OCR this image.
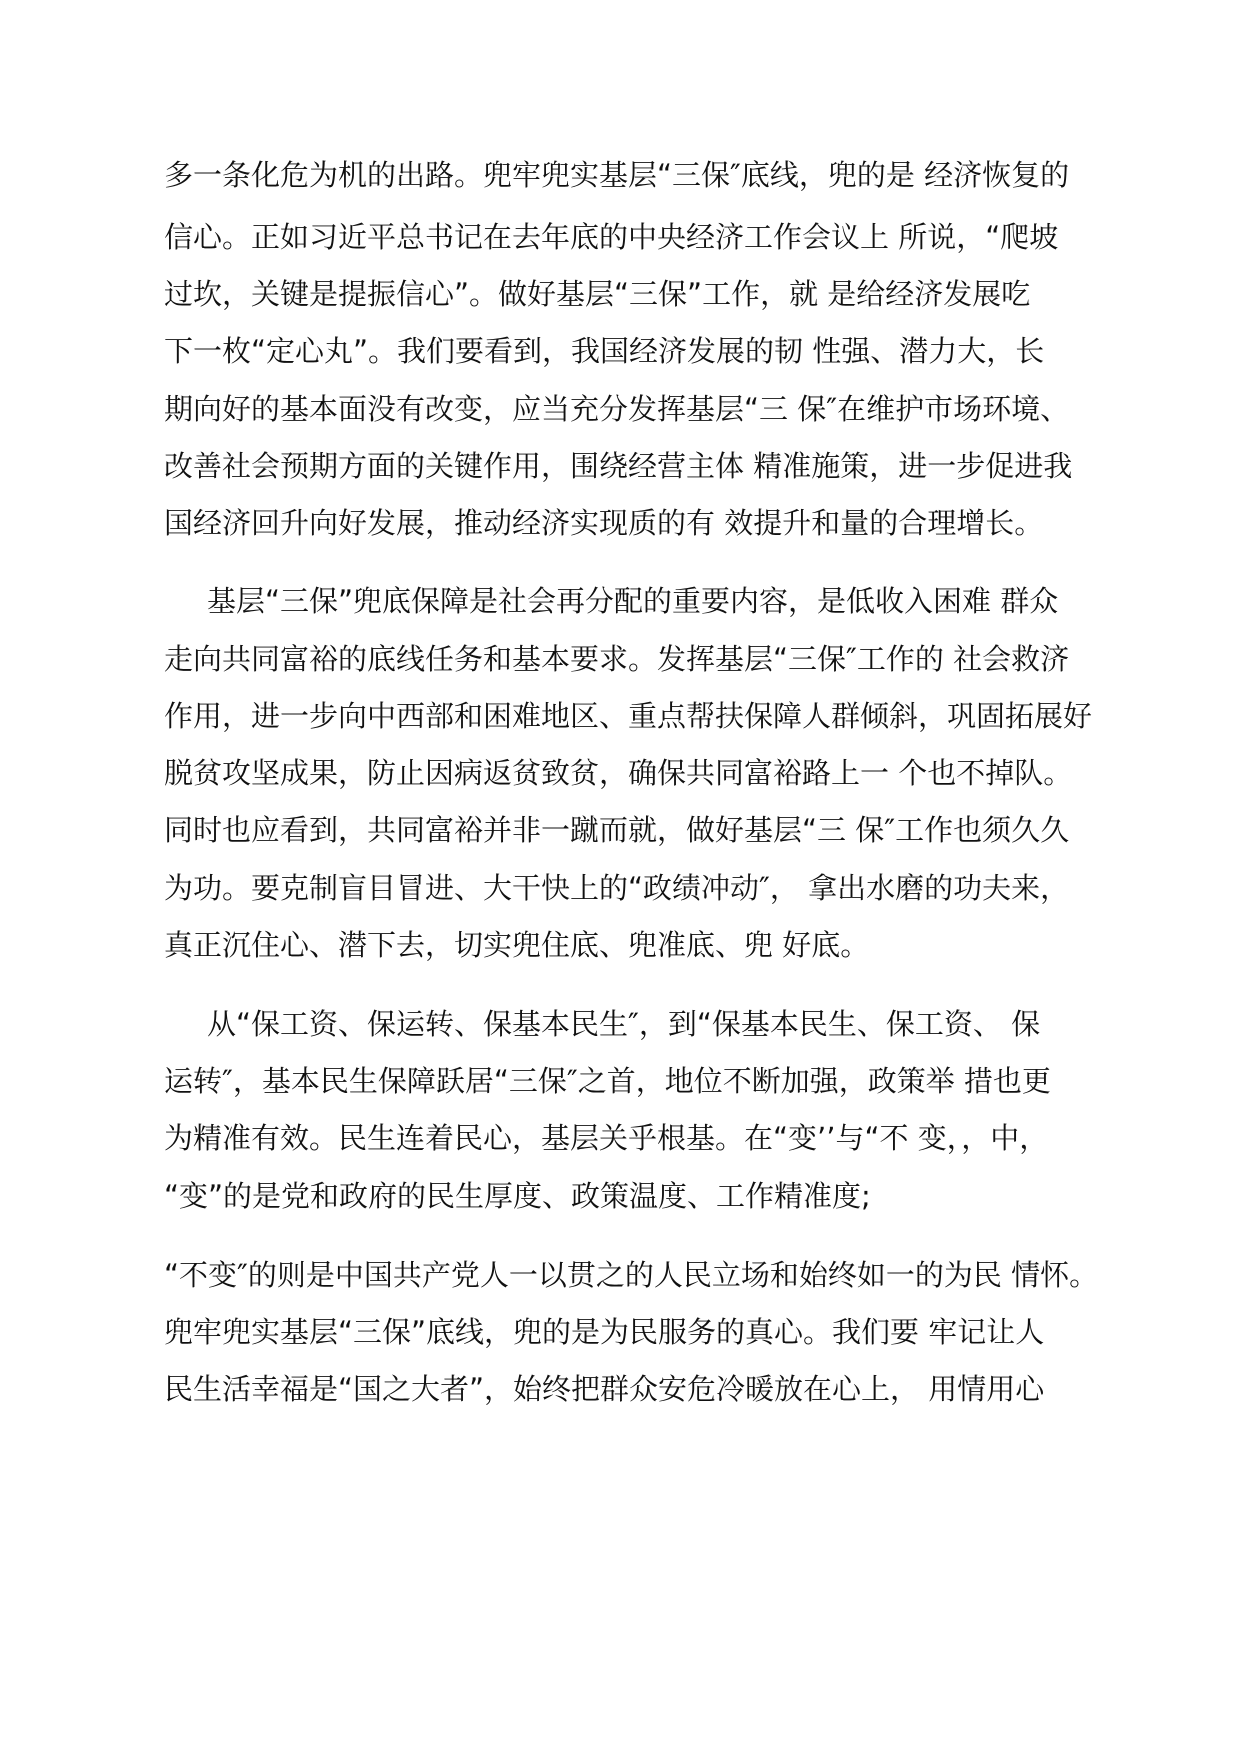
多一条化危为机的出路。兜牢兜实基层“三保″底线，兜的是 经济恢复的
信心。正如习近平总书记在去年底的中央经济工作会议上 所说，“爬坡
过坎，关键是提振信心”。做好基层“三保”工作，就 是给经济发展吃
下一枚“定心丸”。我们要看到，我国经济发展的韧 性强、潜力大，长
期向好的基本面没有改变，应当充分发挥基层“三 保″在维护市场环境、
改善社会预期方面的关键作用，围绕经营主体 精准施策，进一步促进我
国经济回升向好发展，推动经济实现质的有 效提升和量的合理增长。
基层“三保”兜底保障是社会再分配的重要内容，是低收入困难 群众
走向共同富裕的底线任务和基本要求。发挥基层“三保″工作的 社会救济
作用，进一步向中西部和困难地区、重点帮扶保障人群倾斜，巩固拓展好
脱贫攻坚成果，防止因病返贫致贫，确保共同富裕路上一 个也不掉队。
同时也应看到，共同富裕并非一蹴而就，做好基层“三 保″工作也须久久
为功。要克制盲目冒进、大干快上的“政绩冲动″， 拿出水磨的功夫来，
真正沉住心、潜下去，切实兜住底、兜准底、兜 好底。
从“保工资、保运转、保基本民生″，到“保基本民生、保工资、 保
运转″，基本民生保障跃居“三保″之首，地位不断加强，政策举 措也更
为精准有效。民生连着民心，基层关乎根基。在“变’’与“不 变，，中，
“变”的是党和政府的民生厚度、政策温度、工作精准度;
“不变″的则是中国共产党人一以贯之的人民立场和始终如一的为民 情怀。
兜牢兜实基层“三保”底线，兜的是为民服务的真心。我们要 牢记让人
民生活幸福是“国之大者”，始终把群众安危冷暖放在心上， 用情用心
